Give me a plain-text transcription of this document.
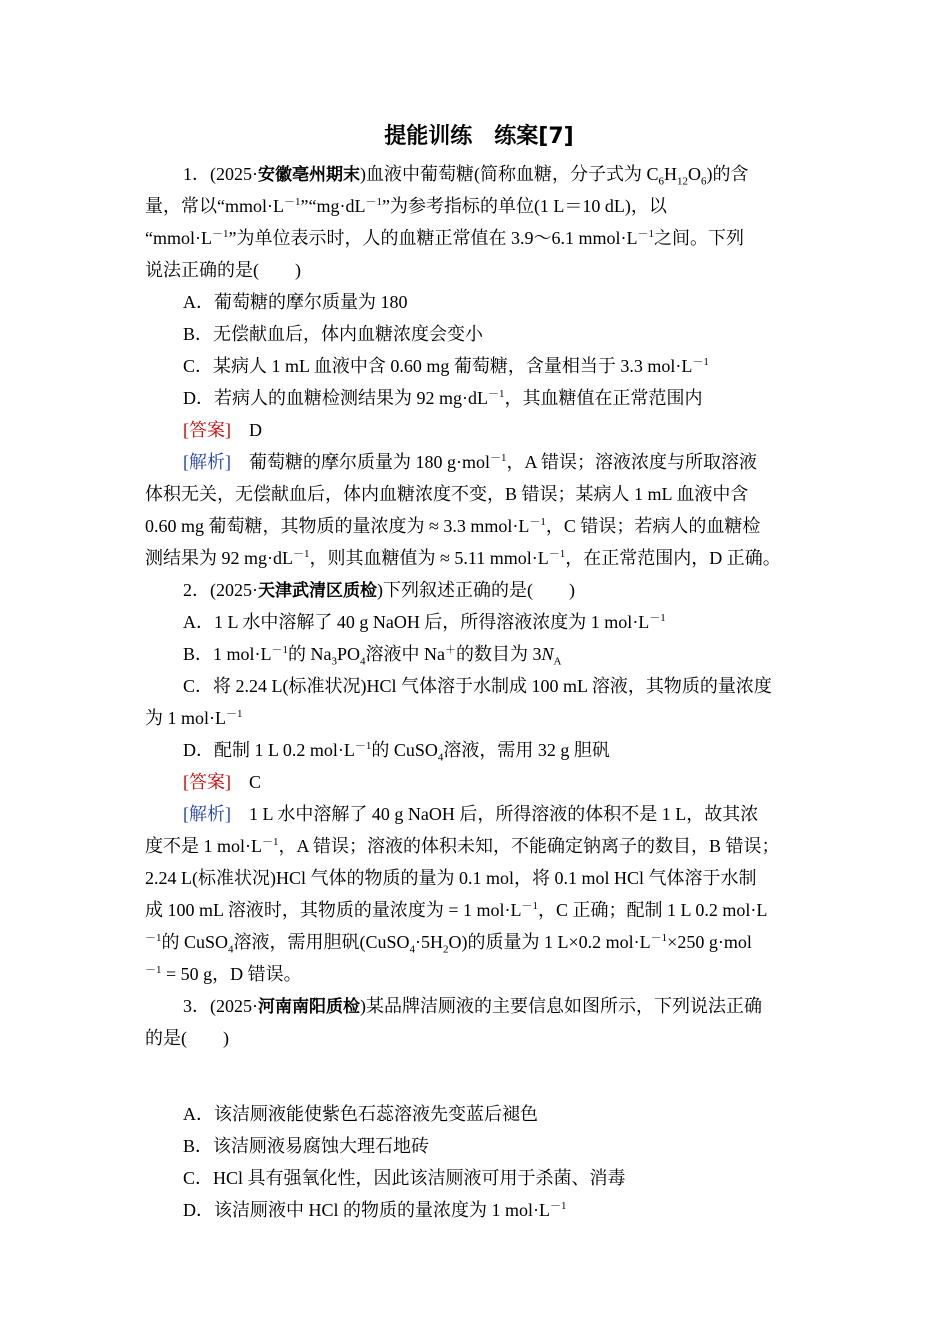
提能训练　练案[7]
1．(2025·安徽亳州期末)血液中葡萄糖(简称血糖，分子式为 $C_6H_{12}O_6$)的含
量，常以“$mmol\cdot L^{-1}”“mg\cdot dL^{-1}$”为参考指标的单位(1 L＝10 dL)，以
“$mmol\cdot L^{-1}$”为单位表示时，人的血糖正常值在 3.9～6.1 $mmol\cdot L^{-1}$之间。下列
说法正确的是(　　)
A．葡萄糖的摩尔质量为 180
B．无偿献血后，体内血糖浓度会变小
C．某病人 1 mL 血液中含 0.60 mg 葡萄糖，含量相当于 3.3 $mol\cdot L^{-1}$
D．若病人的血糖检测结果为 92 $mg\cdot dL^{-1}$，其血糖值在正常范围内
[答案]　D
[解析]　葡萄糖的摩尔质量为 180 g·mol$^{-1}$，A 错误；溶液浓度与所取溶液
体积无关，无偿献血后，体内血糖浓度不变，B 错误；某病人 1 mL 血液中含
0.60 mg 葡萄糖，其物质的量浓度为 ≈ 3.3 $mmol\cdot L^{-1}$，C 错误；若病人的血糖检
测结果为 92 $mg\cdot dL^{-1}$，则其血糖值为 ≈ 5.11 $mmol\cdot L^{-1}$，在正常范围内，D 正确。
2．(2025·天津武清区质检)下列叙述正确的是(　　)
A．1 L 水中溶解了 40 g NaOH 后，所得溶液浓度为 1 $mol\cdot L^{-1}$
B．1 $mol\cdot L^{-1}$的 $Na_3PO_4$溶液中 Na＋的数目为 $3N_A$
C．将 2.24 L(标准状况)HCl 气体溶于水制成 100 mL 溶液，其物质的量浓度
为 1 $mol\cdot L^{-1}$
D．配制 1 L 0.2 $mol\cdot L^{-1}$的 CuSO$_4$溶液，需用 32 g 胆矾
[答案]　C
[解析]　1 L 水中溶解了 40 g NaOH 后，所得溶液的体积不是 1 L，故其浓
度不是 1 $mol\cdot L^{-1}$，A 错误；溶液的体积未知，不能确定钠离子的数目，B 错误；
2.24 L(标准状况)HCl 气体的物质的量为 0.1 mol，将 0.1 mol HCl 气体溶于水制
成 100 mL 溶液时，其物质的量浓度为 = 1 $mol\cdot L^{-1}$，C 正确；配制 1 L 0.2 mol·L
$^{-1}$的 CuSO$_4$溶液，需用胆矾$(CuSO_4\cdot 5H_2O)$的质量为 1 L×0.2 $mol\cdot L^{-1}\times 250$ g·mol
$^{-1}$ = 50 g，D 错误。
3．(2025·河南南阳质检)某品牌洁厕液的主要信息如图所示，下列说法正确
的是(　　)
A．该洁厕液能使紫色石蕊溶液先变蓝后褪色
B．该洁厕液易腐蚀大理石地砖
C．HCl 具有强氧化性，因此该洁厕液可用于杀菌、消毒
D．该洁厕液中 HCl 的物质的量浓度为 1 $mol\cdot L^{-1}$
